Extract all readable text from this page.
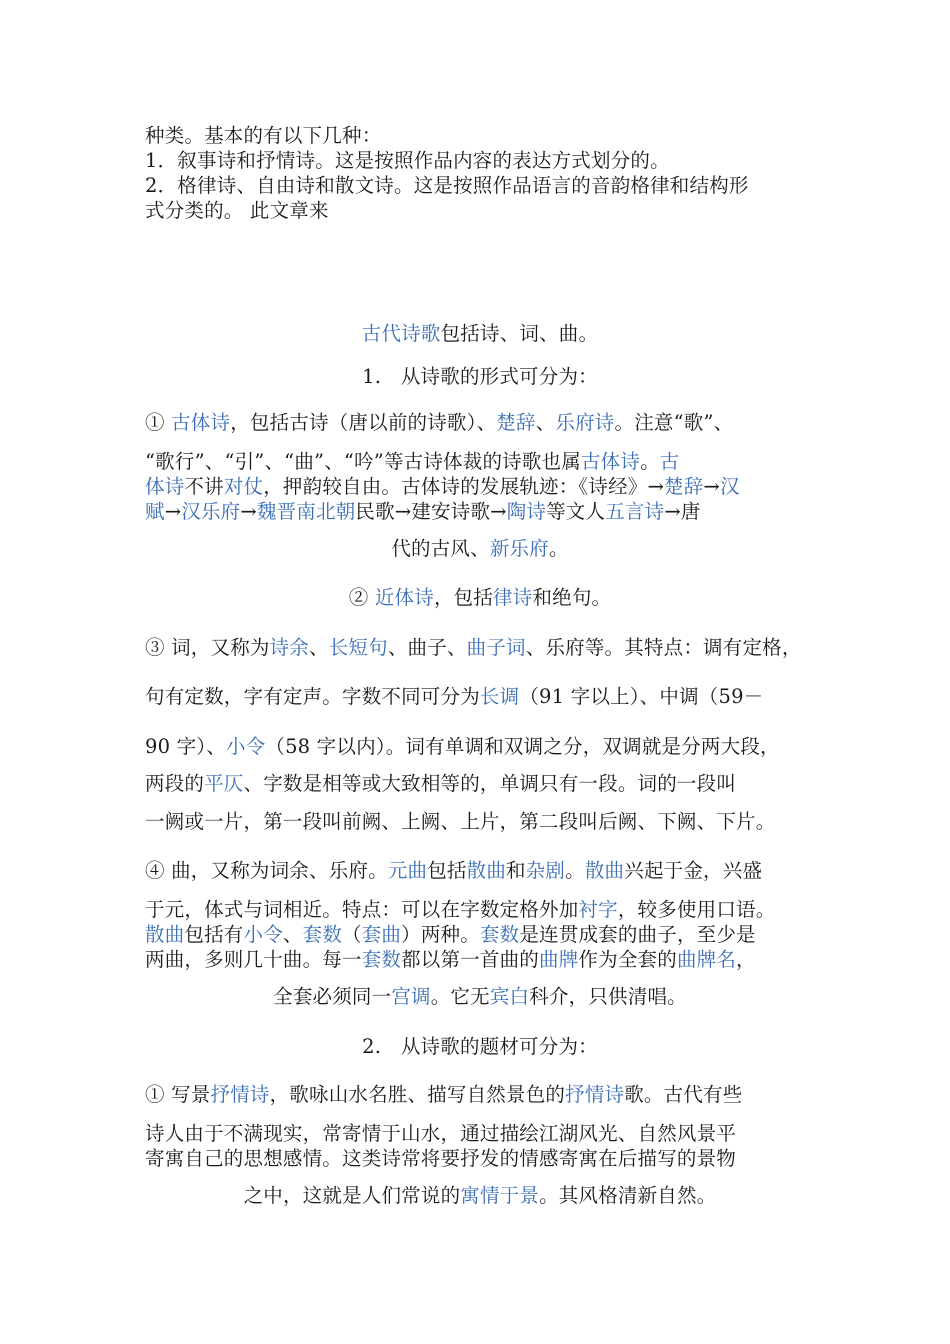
种类。基本的有以下几种：
1．叙事诗和抒情诗。这是按照作品内容的表达方式划分的。
2．格律诗、自由诗和散文诗。这是按照作品语言的音韵格律和结构形
式分类的。 此文章来
古代诗歌包括诗、词、曲。
1.　从诗歌的形式可分为：
① 古体诗，包括古诗（唐以前的诗歌）、楚辞、乐府诗。注意“歌”、
“歌行”、“引”、“曲”、“吟”等古诗体裁的诗歌也属古体诗。古
体诗不讲对仗，押韵较自由。古体诗的发展轨迹：《诗经》→楚辞→汉
赋→汉乐府→魏晋南北朝民歌→建安诗歌→陶诗等文人五言诗→唐
代的古风、新乐府。
② 近体诗，包括律诗和绝句。
③ 词，又称为诗余、长短句、曲子、曲子词、乐府等。其特点：调有定格，
句有定数，字有定声。字数不同可分为长调（91 字以上）、中调（59－
90 字）、小令（58 字以内）。词有单调和双调之分，双调就是分两大段，
两段的平仄、字数是相等或大致相等的，单调只有一段。词的一段叫
一阙或一片，第一段叫前阙、上阙、上片，第二段叫后阙、下阙、下片。
④ 曲，又称为词余、乐府。元曲包括散曲和杂剧。散曲兴起于金，兴盛
于元，体式与词相近。特点：可以在字数定格外加衬字，较多使用口语。
散曲包括有小令、套数（套曲）两种。套数是连贯成套的曲子，至少是
两曲，多则几十曲。每一套数都以第一首曲的曲牌作为全套的曲牌名，
全套必须同一宫调。它无宾白科介，只供清唱。
2.　从诗歌的题材可分为：
① 写景抒情诗，歌咏山水名胜、描写自然景色的抒情诗歌。古代有些
诗人由于不满现实，常寄情于山水，通过描绘江湖风光、自然风景平
寄寓自己的思想感情。这类诗常将要抒发的情感寄寓在后描写的景物
之中，这就是人们常说的寓情于景。其风格清新自然。
